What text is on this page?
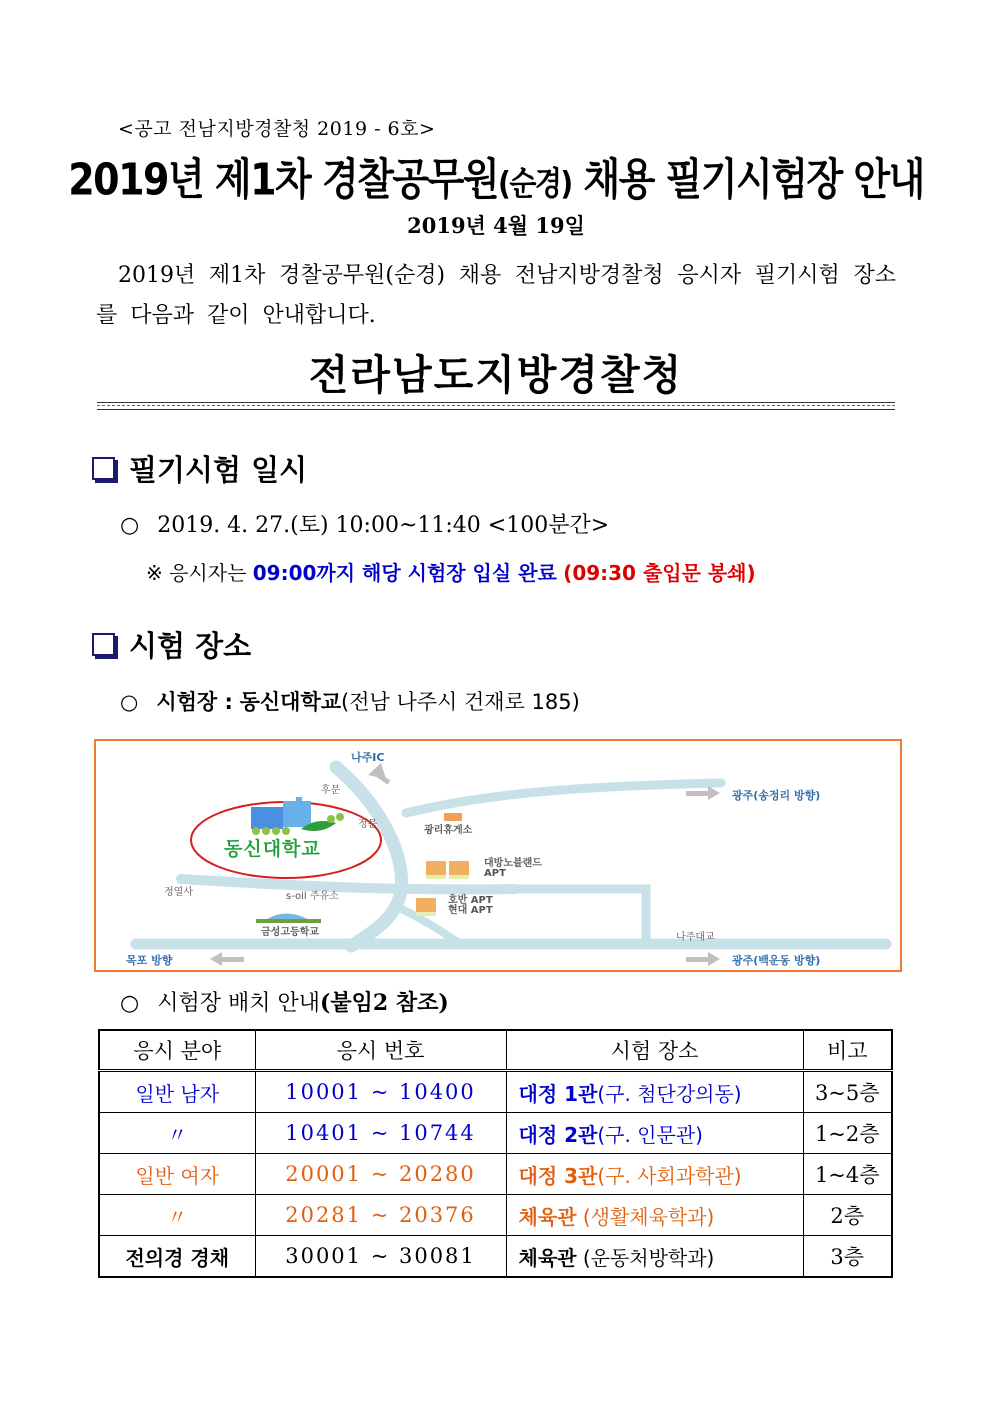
<공고 전남지방경찰청 2019 - 6호>
2019년 제1차 경찰공무원(순경) 채용 필기시험장 안내
2019년 4월 19일
2019년 제1차 경찰공무원(순경) 채용 전남지방경찰청 응시자 필기시험 장소를 다음과 같이 안내합니다.
전라남도지방경찰청
필기시험 일시
○ 2019. 4. 27.(토) 10:00~11:40 <100분간>
※ 응시자는 09:00까지 해당 시험장 입실 완료 (09:30 출입문 봉쇄)
시험 장소
○ 시험장 :
동신대학교 (전남 나주시 건재로 185)
나주IC
후문
정문
동신대학교
광리휴게소
대방노블랜드
APT
호반 APT
현대 APT
정열사	s-oil 주유소
금성고등학교	나주대교
광주(송정리 방향)
광주(백운동 방향)
목포 방향
○ 시험장 배치 안내 (붙임2 참조)
응시 분야	응시 번호	시험 장소	비고
일반 남자	10001 ~ 10400	대정 1관(구. 첨단강의동)	3~5층
〃	10401 ~ 10744	대정 2관(구. 인문관)	1~2층
일반 여자	20001 ~ 20280	대정 3관(구. 사회과학관)	1~4층
〃	20281 ~ 20376	체육관 (생활체육학과)	2층
전의경 경채	30001 ~ 30081	체육관 (운동처방학과)	3층
